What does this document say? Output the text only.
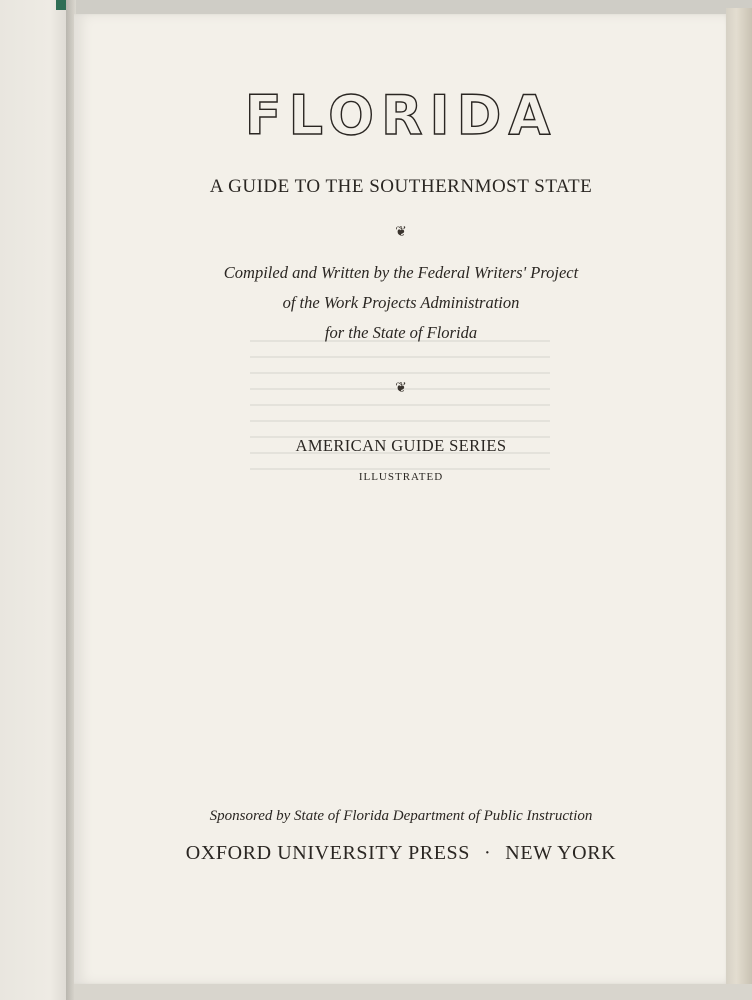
FLORIDA
A GUIDE TO THE SOUTHERNMOST STATE
❦
Compiled and Written by the Federal Writers' Project
of the Work Projects Administration
for the State of Florida
❦
AMERICAN GUIDE SERIES
ILLUSTRATED
Sponsored by State of Florida Department of Public Instruction
OXFORD UNIVERSITY PRESS · NEW YORK
